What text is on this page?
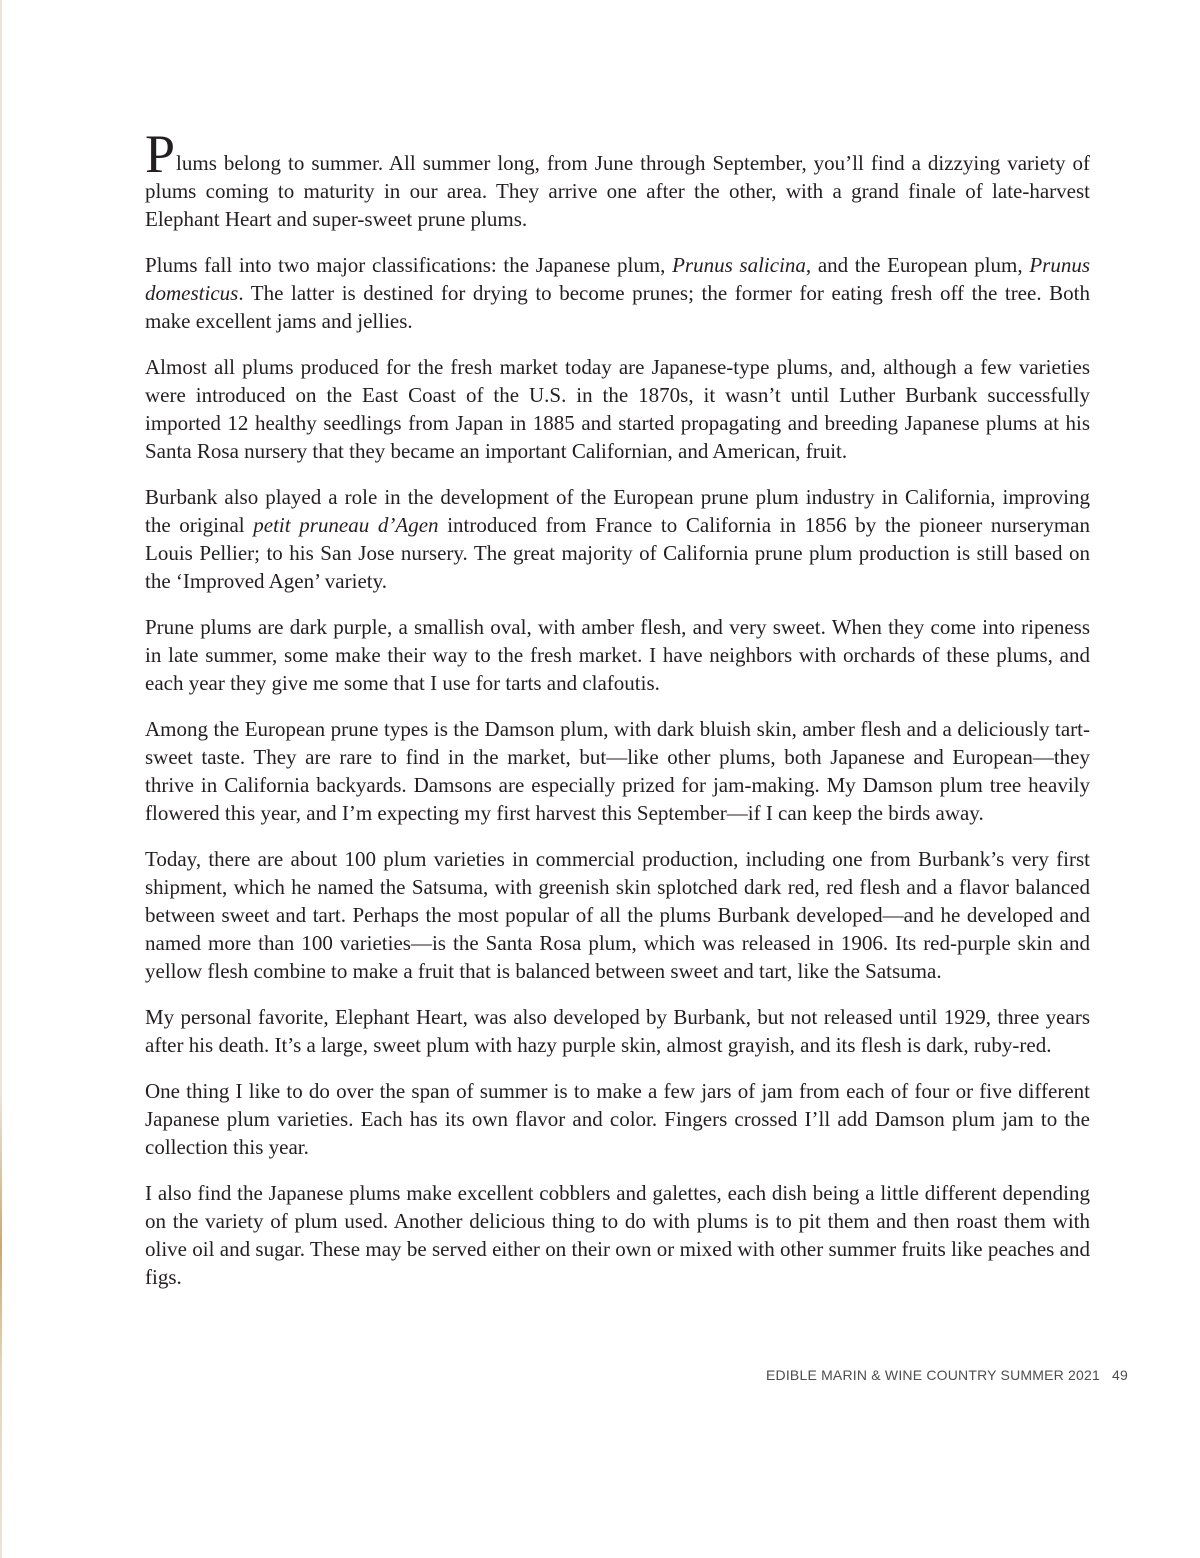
Plums belong to summer. All summer long, from June through September, you’ll find a dizzying variety of plums coming to maturity in our area. They arrive one after the other, with a grand finale of late-harvest Elephant Heart and super-sweet prune plums.

Plums fall into two major classifications: the Japanese plum, Prunus salicina, and the European plum, Prunus domesticus. The latter is destined for drying to become prunes; the former for eating fresh off the tree. Both make excellent jams and jellies.

Almost all plums produced for the fresh market today are Japanese-type plums, and, although a few varieties were introduced on the East Coast of the U.S. in the 1870s, it wasn’t until Luther Burbank successfully imported 12 healthy seedlings from Japan in 1885 and started propagating and breeding Japanese plums at his Santa Rosa nursery that they became an important Californian, and American, fruit.

Burbank also played a role in the development of the European prune plum industry in California, improving the original petit pruneau d’Agen introduced from France to California in 1856 by the pioneer nurseryman Louis Pellier; to his San Jose nursery. The great majority of California prune plum production is still based on the ‘Improved Agen’ variety.

Prune plums are dark purple, a smallish oval, with amber flesh, and very sweet. When they come into ripeness in late summer, some make their way to the fresh market. I have neighbors with orchards of these plums, and each year they give me some that I use for tarts and clafoutis.

Among the European prune types is the Damson plum, with dark bluish skin, amber flesh and a deliciously tart-sweet taste. They are rare to find in the market, but—like other plums, both Japanese and European—they thrive in California backyards. Damsons are especially prized for jam-making. My Damson plum tree heavily flowered this year, and I’m expecting my first harvest this September—if I can keep the birds away.

Today, there are about 100 plum varieties in commercial production, including one from Burbank’s very first shipment, which he named the Satsuma, with greenish skin splotched dark red, red flesh and a flavor balanced between sweet and tart. Perhaps the most popular of all the plums Burbank developed—and he developed and named more than 100 varieties—is the Santa Rosa plum, which was released in 1906. Its red-purple skin and yellow flesh combine to make a fruit that is balanced between sweet and tart, like the Satsuma.

My personal favorite, Elephant Heart, was also developed by Burbank, but not released until 1929, three years after his death. It’s a large, sweet plum with hazy purple skin, almost grayish, and its flesh is dark, ruby-red.

One thing I like to do over the span of summer is to make a few jars of jam from each of four or five different Japanese plum varieties. Each has its own flavor and color. Fingers crossed I’ll add Damson plum jam to the collection this year.

I also find the Japanese plums make excellent cobblers and galettes, each dish being a little different depending on the variety of plum used. Another delicious thing to do with plums is to pit them and then roast them with olive oil and sugar. These may be served either on their own or mixed with other summer fruits like peaches and figs.

EDIBLE MARIN & WINE COUNTRY SUMMER 2021 49
